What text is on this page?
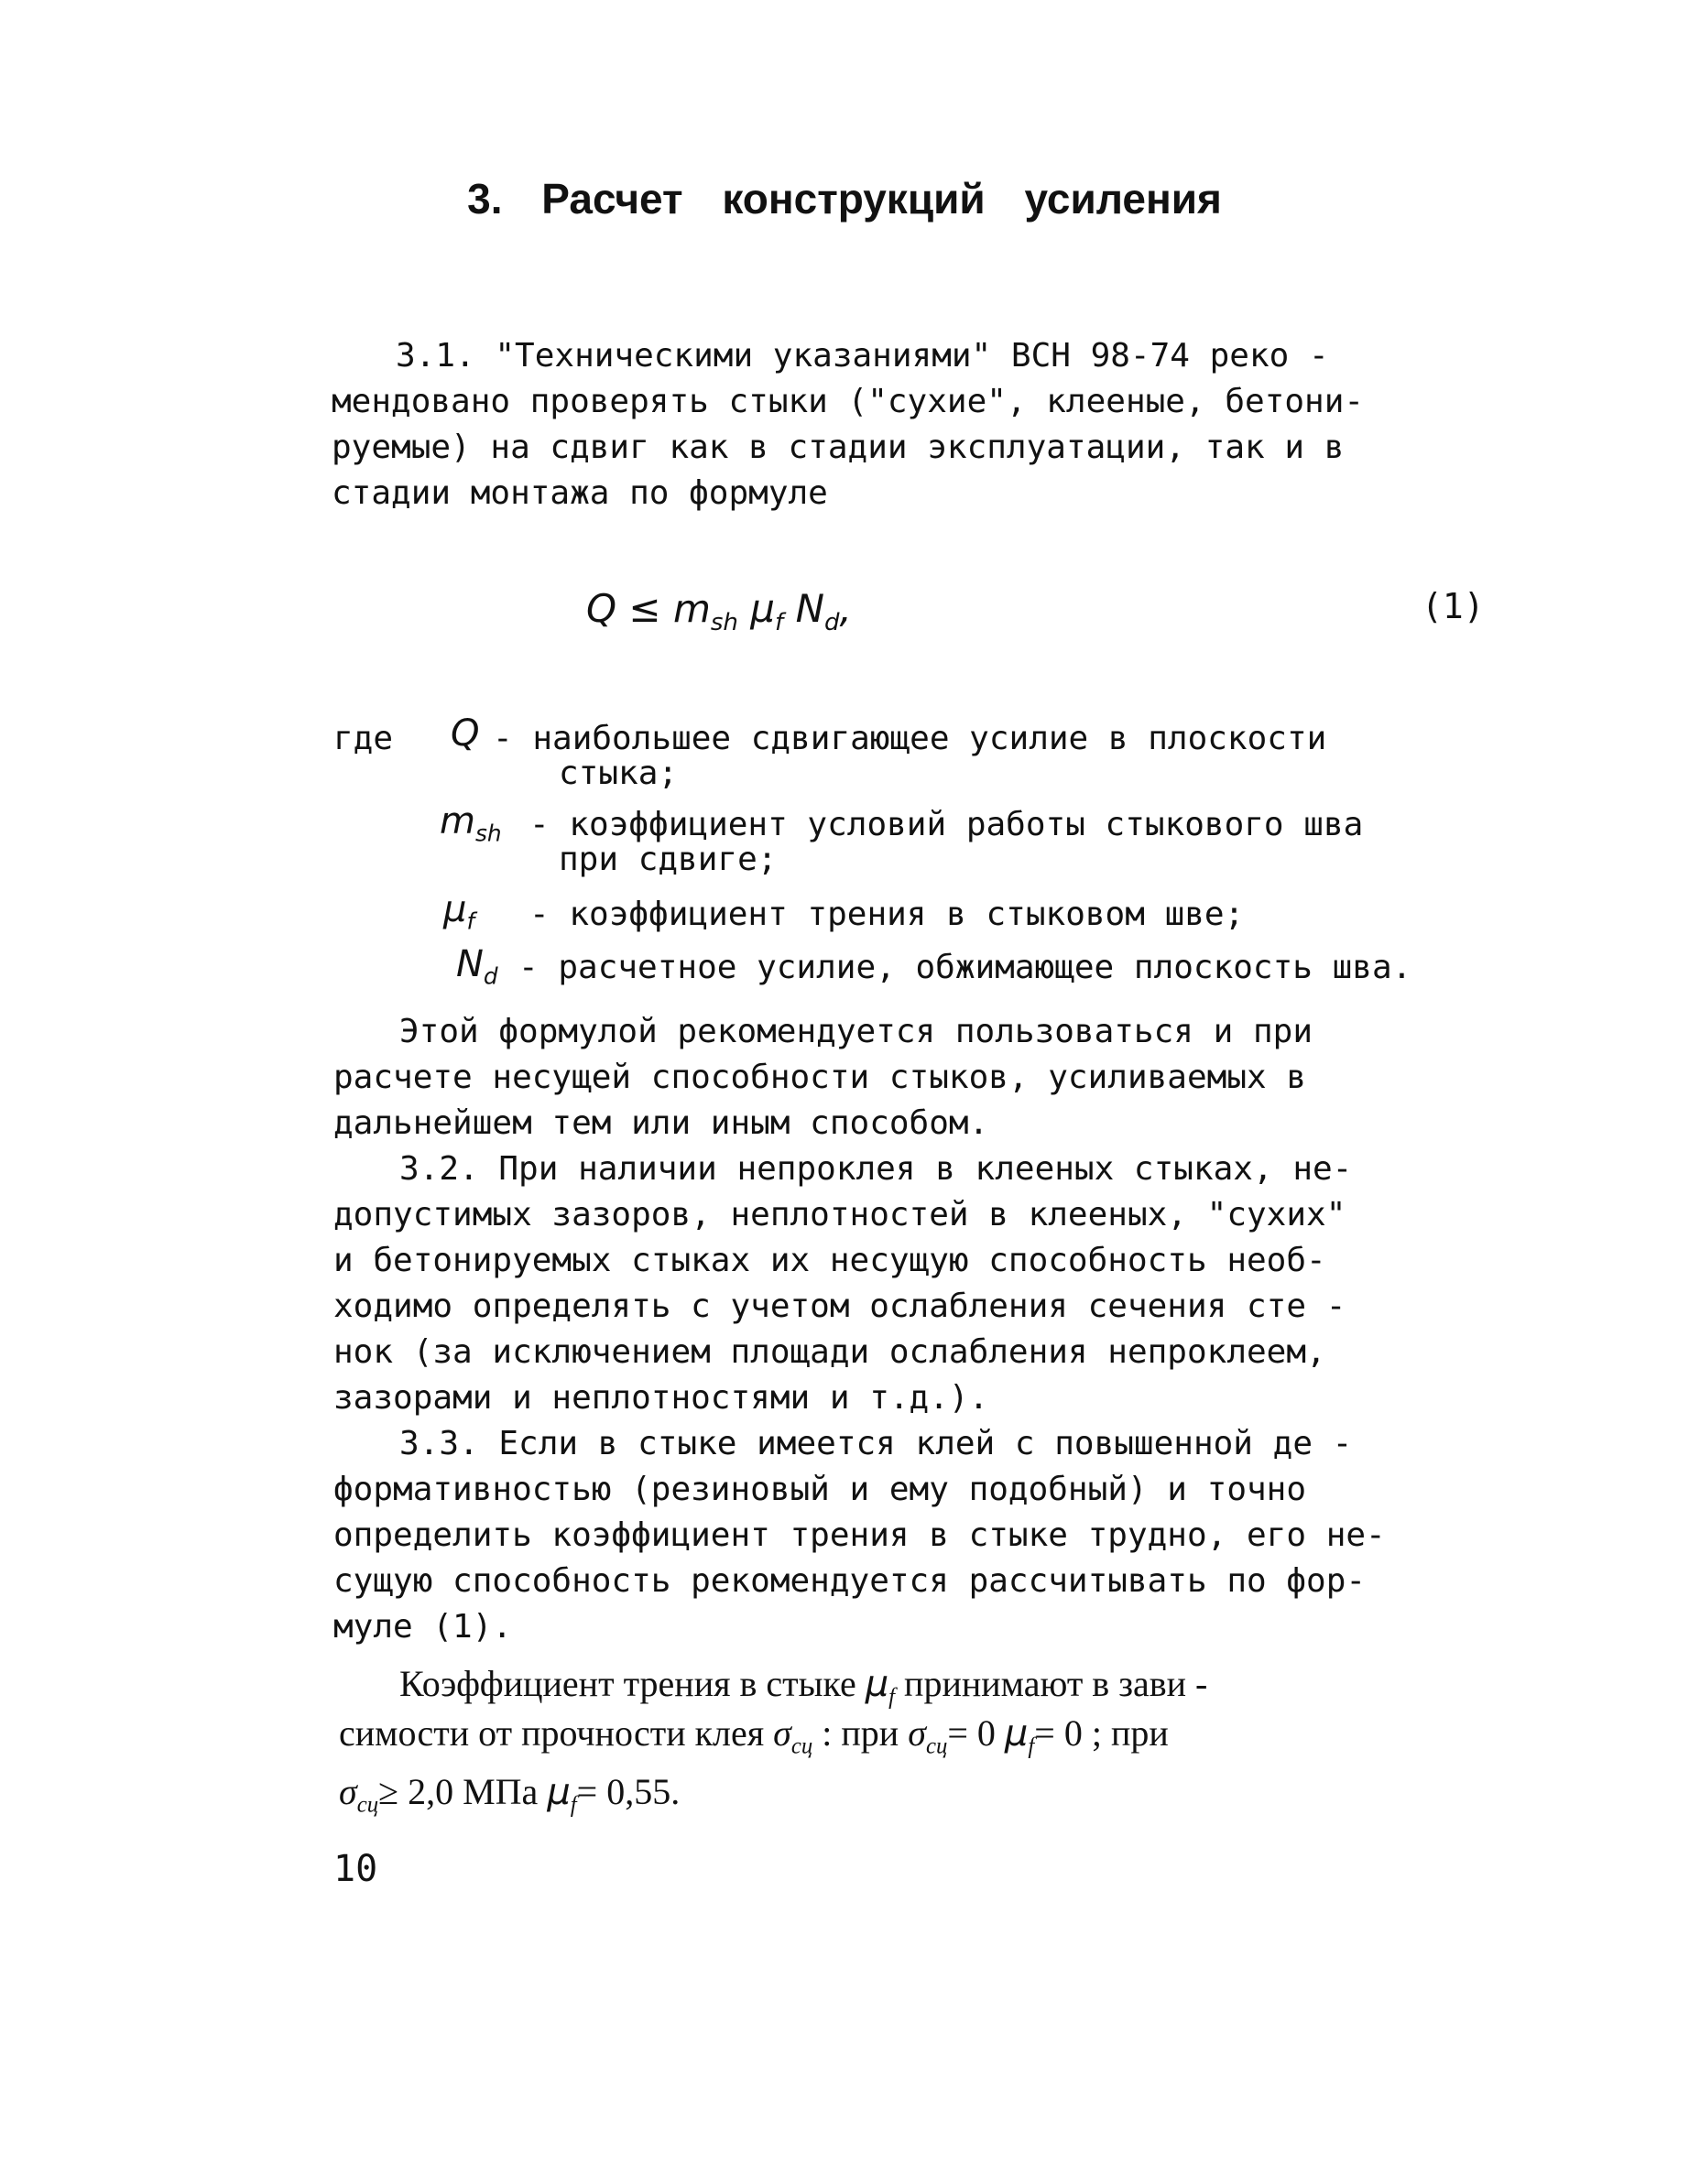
3. Расчет конструкций усиления
3.1. "Техническими указаниями" ВСН 98-74 реко -
мендовано проверять стыки ("сухие", клееные, бетони-
руемые) на сдвиг как в стадии эксплуатации, так и в
стадии монтажа по формуле
$Q \le m_{sh}$ $\mu_f$ $N_d$,	(1)
где Q - наибольшее сдвигающее усилие в плоскости
стыка;
$m_{sh}$ - коэффициент условий работы стыкового шва
при сдвиге;
$\mu_f$ - коэффициент трения в стыковом шве;
$N_d$ - расчетное усилие, обжимающее плоскость шва.
Этой формулой рекомендуется пользоваться и при
расчете несущей способности стыков, усиливаемых в
дальнейшем тем или иным способом.
3.2. При наличии непроклея в клееных стыках, не-
допустимых зазоров, неплотностей в клееных, "сухих"
и бетонируемых стыках их несущую способность необ-
ходимо определять с учетом ослабления сечения сте -
нок (за исключением площади ослабления непроклеем,
зазорами и неплотностями и т.д.).
3.3. Если в стыке имеется клей с повышенной де -
формативностью (резиновый и ему подобный) и точно
определить коэффициент трения в стыке трудно, его не-
сущую способность рекомендуется рассчитывать по фор-
муле (1).
Коэффициент трения в стыке $\mu_f$ принимают в зави -
симости от прочности клея $\sigma_{сц}$ : при $\sigma_{сц}= 0$ $\mu_f= 0$ ; при
$\sigma_{сц}\ge 2,0$ МПа $\mu_f= 0,55$.
10
